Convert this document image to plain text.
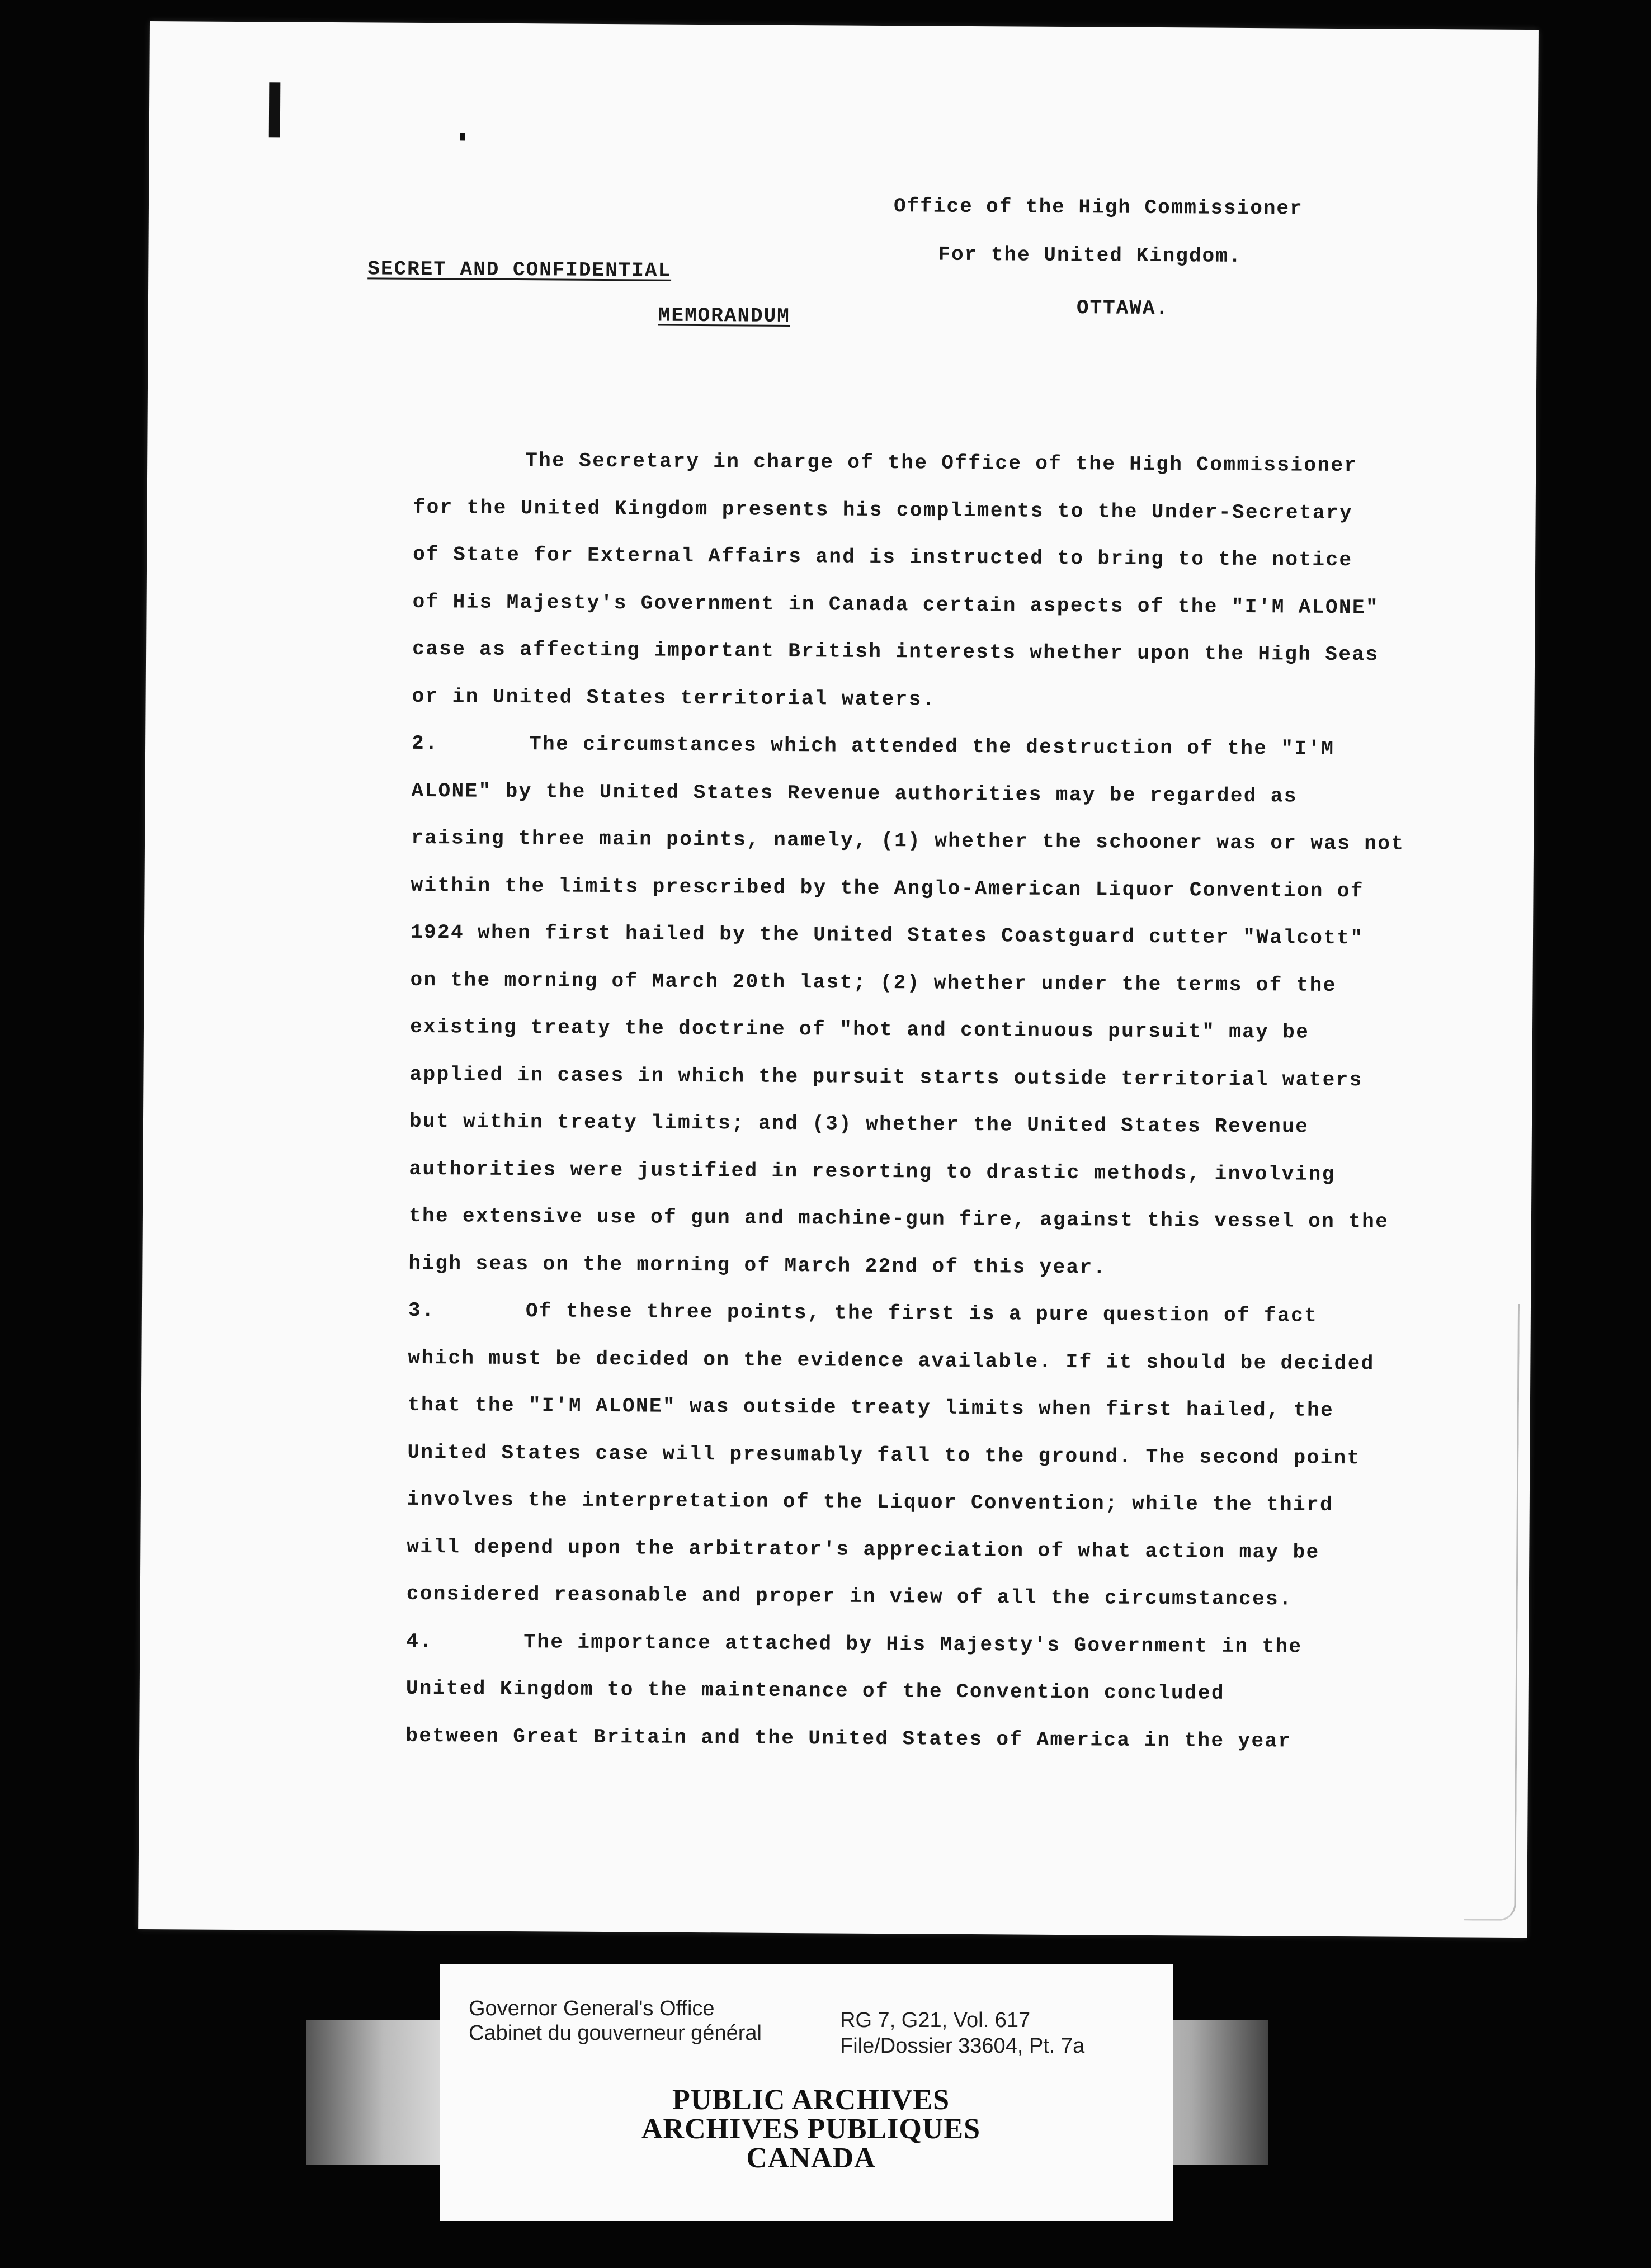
Office of the High Commissioner
For the United Kingdom.
OTTAWA.
SECRET AND CONFIDENTIAL
MEMORANDUM
The Secretary in charge of the Office of the High Commissioner
for the United Kingdom presents his compliments to the Under-Secretary
of State for External Affairs and is instructed to bring to the notice
of His Majesty's Government in Canada certain aspects of the "I'M ALONE"
case as affecting important British interests whether upon the High Seas
or in United States territorial waters.
2.	The circumstances which attended the destruction of the "I'M
ALONE" by the United States Revenue authorities may be regarded as
raising three main points, namely, (1) whether the schooner was or was not
within the limits prescribed by the Anglo-American Liquor Convention of
1924 when first hailed by the United States Coastguard cutter "Walcott"
on the morning of March 20th last; (2) whether under the terms of the
existing treaty the doctrine of "hot and continuous pursuit" may be
applied in cases in which the pursuit starts outside territorial waters
but within treaty limits; and (3) whether the United States Revenue
authorities were justified in resorting to drastic methods, involving
the extensive use of gun and machine-gun fire, against this vessel on the
high seas on the morning of March 22nd of this year.
3.	Of these three points, the first is a pure question of fact
which must be decided on the evidence available. If it should be decided
that the "I'M ALONE" was outside treaty limits when first hailed, the
United States case will presumably fall to the ground. The second point
involves the interpretation of the Liquor Convention; while the third
will depend upon the arbitrator's appreciation of what action may be
considered reasonable and proper in view of all the circumstances.
4.	The importance attached by His Majesty's Government in the
United Kingdom to the maintenance of the Convention concluded
between Great Britain and the United States of America in the year
Governor General's Office
Cabinet du gouverneur général
RG 7, G21, Vol. 617
File/Dossier 33604, Pt. 7a
PUBLIC ARCHIVES
ARCHIVES PUBLIQUES
CANADA
